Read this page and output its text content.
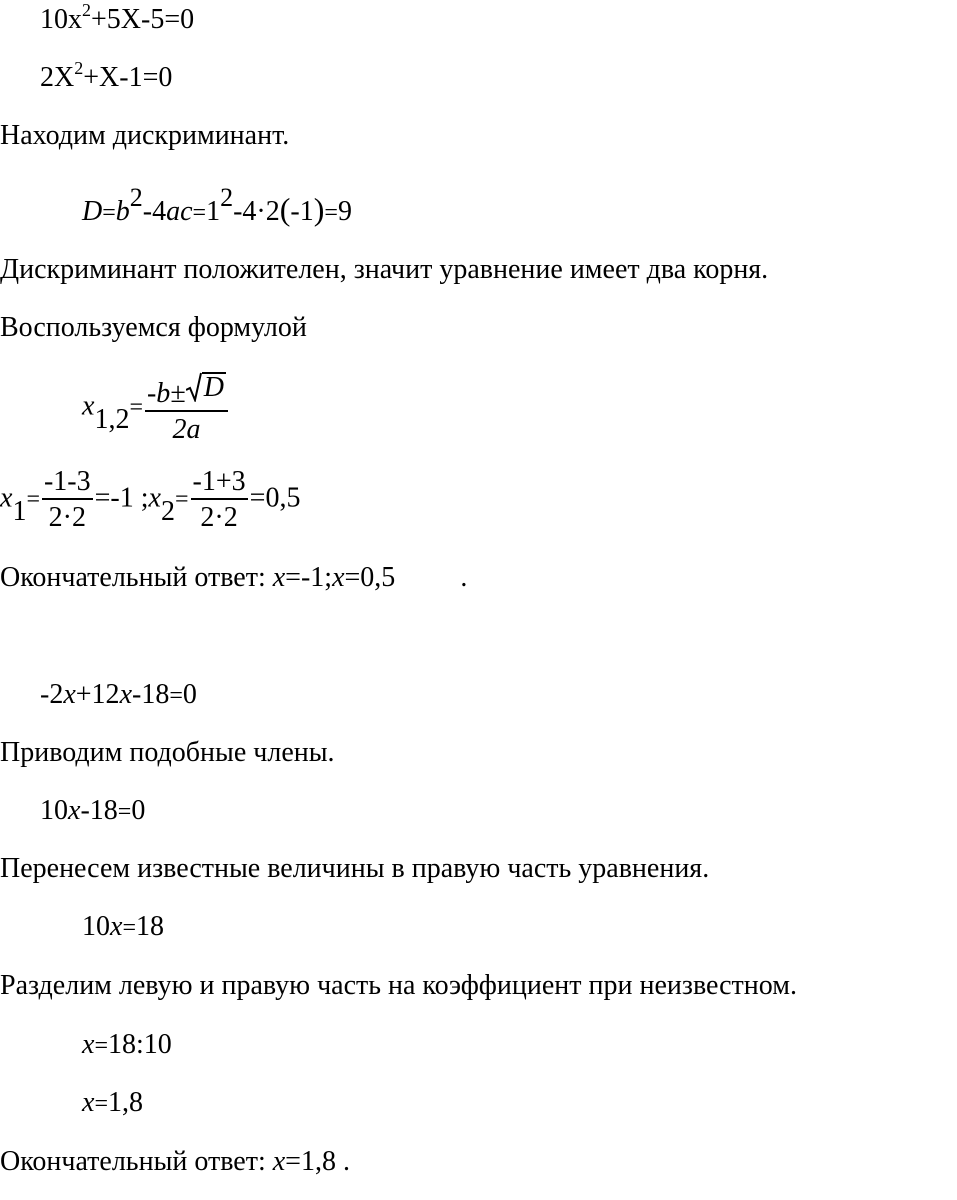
$10x^2+5X-5=0$
$2X^2+X-1=0$
Находим дискриминант.
D=b2-4ac=12-4·2(-1)=9
Дискриминант положителен, значит уравнение имеет два корня.
Воспользуемся формулой
$x1,2= \frac{-b\pm D}{2a}$
$x1= \frac{-1-3}{2\cdot 2} =-1$ ;x2= $\frac{-1+3}{2\cdot 2} =0,5$
Окончательный ответ: x=-1;x=0,5 .
-2x+12x-18=0
Приводим подобные члены.
10x-18=0
Перенесем известные величины в правую часть уравнения.
10x=18
Разделим левую и правую часть на коэффициент при неизвестном.
x=18:10
x=1,8
Окончательный ответ: x=1,8 .
